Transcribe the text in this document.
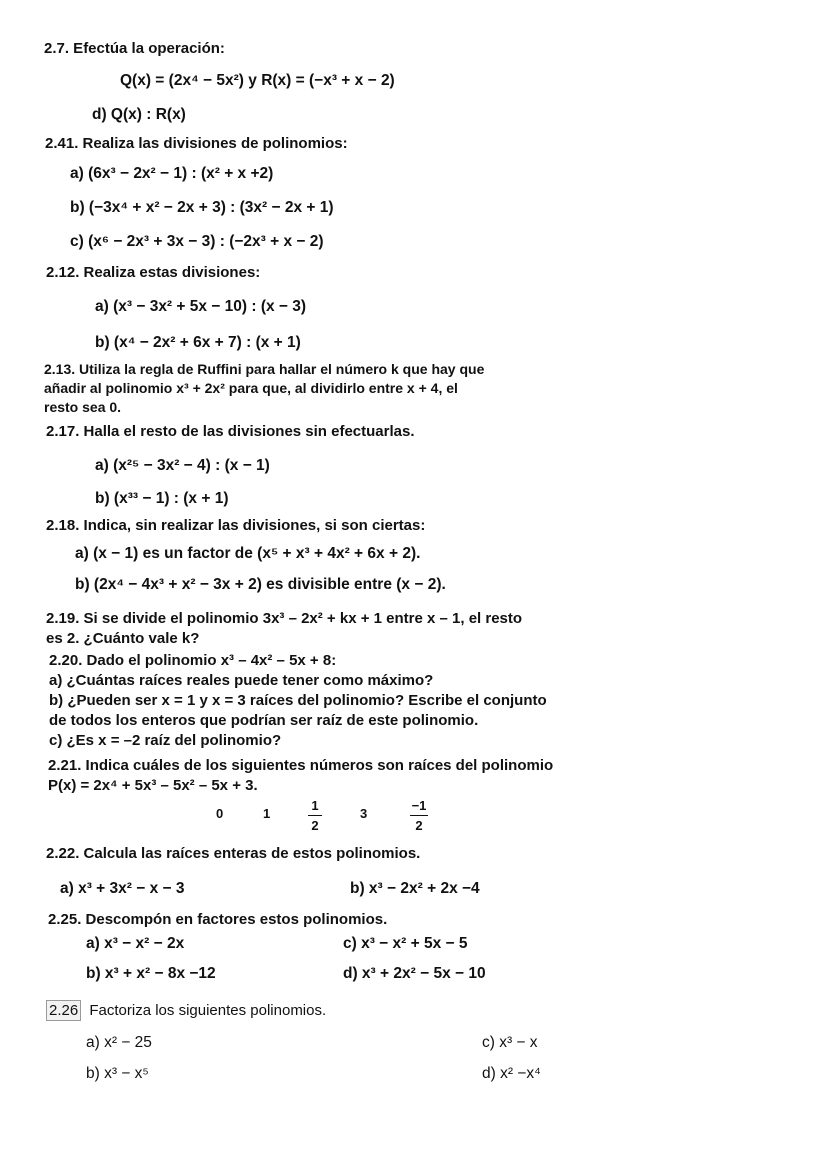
2.7. Efectúa la operación:
Q(x) = (2x⁴ − 5x²) y R(x) = (−x³ + x − 2)
d) Q(x) : R(x)
2.41. Realiza las divisiones de polinomios:
a) (6x³ − 2x² − 1) : (x² + x +2)
b) (−3x⁴ + x² − 2x + 3) : (3x² − 2x + 1)
c) (x⁶ − 2x³ + 3x − 3) : (−2x³ + x − 2)
2.12. Realiza estas divisiones:
a) (x³ − 3x² + 5x − 10) : (x − 3)
b) (x⁴ − 2x² + 6x + 7) : (x + 1)
2.13. Utiliza la regla de Ruffini para hallar el número k que hay que
añadir al polinomio x³ + 2x² para que, al dividirlo entre x + 4, el
resto sea 0.
2.17. Halla el resto de las divisiones sin efectuarlas.
a) (x²⁵ − 3x² − 4) : (x − 1)
b) (x³³ − 1) : (x + 1)
2.18. Indica, sin realizar las divisiones, si son ciertas:
a) (x − 1) es un factor de (x⁵ + x³ + 4x² + 6x + 2).
b) (2x⁴ − 4x³ + x² − 3x + 2) es divisible entre (x − 2).
2.19. Si se divide el polinomio 3x³ – 2x² + kx + 1 entre x – 1, el resto
es 2. ¿Cuánto vale k?
2.20. Dado el polinomio x³ – 4x² – 5x + 8:
a) ¿Cuántas raíces reales puede tener como máximo?
b) ¿Pueden ser x = 1 y x = 3 raíces del polinomio? Escribe el conjunto
de todos los enteros que podrían ser raíz de este polinomio.
c) ¿Es x = –2 raíz del polinomio?
2.21. Indica cuáles de los siguientes números son raíces del polinomio
P(x) = 2x⁴ + 5x³ – 5x² – 5x + 3.
0	1
1
2
3
−1
2
2.22. Calcula las raíces enteras de estos polinomios.
a) x³ + 3x² − x − 3	b) x³ − 2x² + 2x −4
2.25. Descompón en factores estos polinomios.
a) x³ − x² − 2x
b) x³ + x² − 8x −12
c) x³ − x² + 5x − 5
d) x³ + 2x² − 5x − 10
2.26 Factoriza los siguientes polinomios.
a) x² − 25
b) x³ − x⁵
c) x³ − x
d) x² −x⁴
